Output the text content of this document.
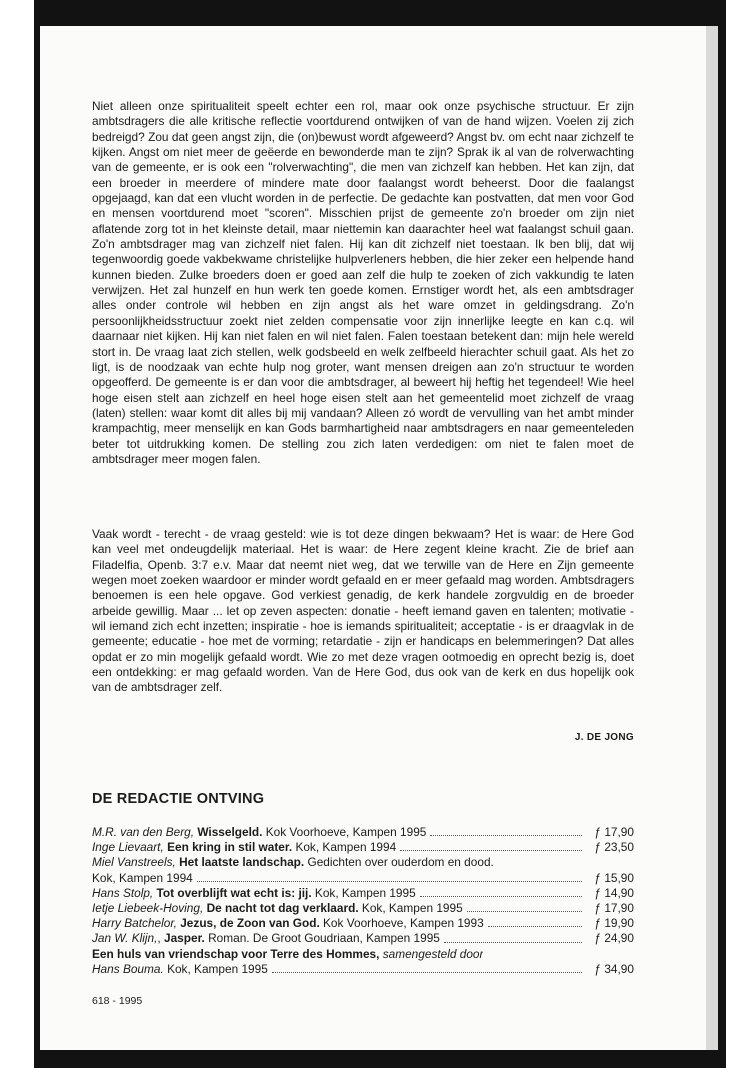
Niet alleen onze spiritualiteit speelt echter een rol, maar ook onze psychische structuur. Er zijn ambtsdragers die alle kritische reflectie voortdurend ontwijken of van de hand wijzen. Voelen zij zich bedreigd? Zou dat geen angst zijn, die (on)bewust wordt afgeweerd? Angst bv. om echt naar zichzelf te kijken. Angst om niet meer de geëerde en bewonderde man te zijn? Sprak ik al van de rolverwachting van de gemeente, er is ook een "rolverwachting", die men van zichzelf kan hebben. Het kan zijn, dat een broeder in meerdere of mindere mate door faalangst wordt beheerst. Door die faalangst opgejaagd, kan dat een vlucht worden in de perfectie. De gedachte kan postvatten, dat men voor God en mensen voortdurend moet "scoren". Misschien prijst de gemeente zo'n broeder om zijn niet aflatende zorg tot in het kleinste detail, maar niettemin kan daarachter heel wat faalangst schuil gaan. Zo'n ambtsdrager mag van zichzelf niet falen. Hij kan dit zichzelf niet toestaan. Ik ben blij, dat wij tegenwoordig goede vakbekwame christelijke hulpverleners hebben, die hier zeker een helpende hand kunnen bieden. Zulke broeders doen er goed aan zelf die hulp te zoeken of zich vakkundig te laten verwijzen. Het zal hunzelf en hun werk ten goede komen. Ernstiger wordt het, als een ambtsdrager alles onder controle wil hebben en zijn angst als het ware omzet in geldingsdrang. Zo'n persoonlijkheidsstructuur zoekt niet zelden compensatie voor zijn innerlijke leegte en kan c.q. wil daarnaar niet kijken. Hij kan niet falen en wil niet falen. Falen toestaan betekent dan: mijn hele wereld stort in. De vraag laat zich stellen, welk godsbeeld en welk zelfbeeld hierachter schuil gaat. Als het zo ligt, is de noodzaak van echte hulp nog groter, want mensen dreigen aan zo'n structuur te worden opgeofferd. De gemeente is er dan voor die ambtsdrager, al beweert hij heftig het tegendeel! Wie heel hoge eisen stelt aan zichzelf en heel hoge eisen stelt aan het gemeentelid moet zichzelf de vraag (laten) stellen: waar komt dit alles bij mij vandaan? Alleen zó wordt de vervulling van het ambt minder krampachtig, meer menselijk en kan Gods barmhartigheid naar ambtsdragers en naar gemeenteleden beter tot uitdrukking komen. De stelling zou zich laten verdedigen: om niet te falen moet de ambtsdrager meer mogen falen.

Vaak wordt - terecht - de vraag gesteld: wie is tot deze dingen bekwaam? Het is waar: de Here God kan veel met ondeugdelijk materiaal. Het is waar: de Here zegent kleine kracht. Zie de brief aan Filadelfia, Openb. 3:7 e.v. Maar dat neemt niet weg, dat we terwille van de Here en Zijn gemeente wegen moet zoeken waardoor er minder wordt gefaald en er meer gefaald mag worden. Ambtsdragers benoemen is een hele opgave. God verkiest genadig, de kerk handele zorgvuldig en de broeder arbeide gewillig. Maar ... let op zeven aspecten: donatie - heeft iemand gaven en talenten; motivatie - wil iemand zich echt inzetten; inspiratie - hoe is iemands spiritualiteit; acceptatie - is er draagvlak in de gemeente; educatie - hoe met de vorming; retardatie - zijn er handicaps en belemmeringen? Dat alles opdat er zo min mogelijk gefaald wordt. Wie zo met deze vragen ootmoedig en oprecht bezig is, doet een ontdekking: er mag gefaald worden. Van de Here God, dus ook van de kerk en dus hopelijk ook van de ambtsdrager zelf.

J. DE JONG
DE REDACTIE ONTVING
M.R. van den Berg, Wisselgeld. Kok Voorhoeve, Kampen 1995	ƒ 17,90
Inge Lievaart, Een kring in stil water. Kok, Kampen 1994	ƒ 23,50
Miel Vanstreels, Het laatste landschap. Gedichten over ouderdom en dood.
Kok, Kampen 1994	ƒ 15,90
Hans Stolp, Tot overblijft wat echt is: jij. Kok, Kampen 1995	ƒ 14,90
Ietje Liebeek-Hoving, De nacht tot dag verklaard. Kok, Kampen 1995	ƒ 17,90
Harry Batchelor, Jezus, de Zoon van God. Kok Voorhoeve, Kampen 1993	ƒ 19,90
Jan W. Klijn,, Jasper. Roman. De Groot Goudriaan, Kampen 1995	ƒ 24,90
Een huls van vriendschap voor Terre des Hommes, samengesteld door
Hans Bouma. Kok, Kampen 1995	ƒ 34,90
618 - 1995
